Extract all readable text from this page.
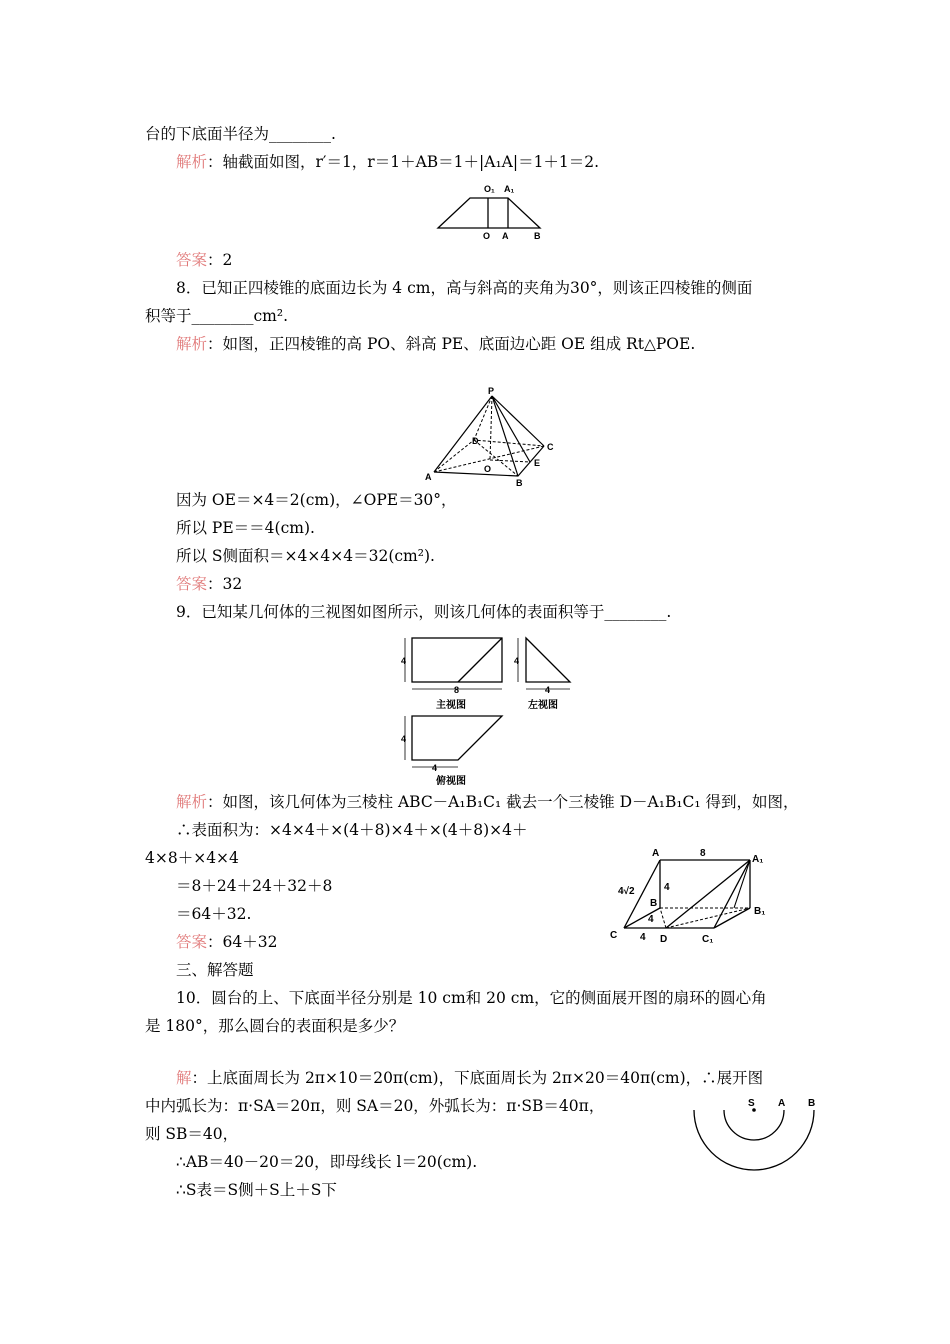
台的下底面半径为________.
解析：轴截面如图，r′＝1，r＝1＋AB＝1＋|A₁A|＝1＋1＝2.
O₁ A₁
O A	B
答案：2
8．已知正四棱锥的底面边长为 4 cm，高与斜高的夹角为30°，则该正四棱锥的侧面
积等于________cm².
解析：如图，正四棱锥的高 PO、斜高 PE、底面边心距 OE 组成 Rt△POE.
P
A
B
C
D
E
O
因为 OE＝×4＝2(cm)，∠OPE＝30°，
所以 PE＝＝4(cm).
所以 S侧面积＝×4×4×4＝32(cm²).
答案：32
9．已知某几何体的三视图如图所示，则该几何体的表面积等于________.
4
8
主视图
4
4
左视图
4
4
俯视图
解析：如图，该几何体为三棱柱 ABC－A₁B₁C₁ 截去一个三棱锥 D－A₁B₁C₁ 得到，如图，
∴表面积为：×4×4＋×(4＋8)×4＋×(4＋8)×4＋
4×8＋×4×4
＝8＋24＋24＋32＋8
＝64＋32.
答案：64＋32
A
A₁
B
B₁
C	C₁
D
8
4
4√2
4
4
三、解答题
10．圆台的上、下底面半径分别是 10 cm和 20 cm，它的侧面展开图的扇环的圆心角
是 180°，那么圆台的表面积是多少？
解：上底面周长为 2π×10＝20π(cm)，下底面周长为 2π×20＝40π(cm)，∴展开图
中内弧长为：π·SA＝20π，则 SA＝20，外弧长为：π·SB＝40π，
则 SB＝40，
∴AB＝40－20＝20，即母线长 l＝20(cm).
∴S表＝S侧＋S上＋S下
S A B
